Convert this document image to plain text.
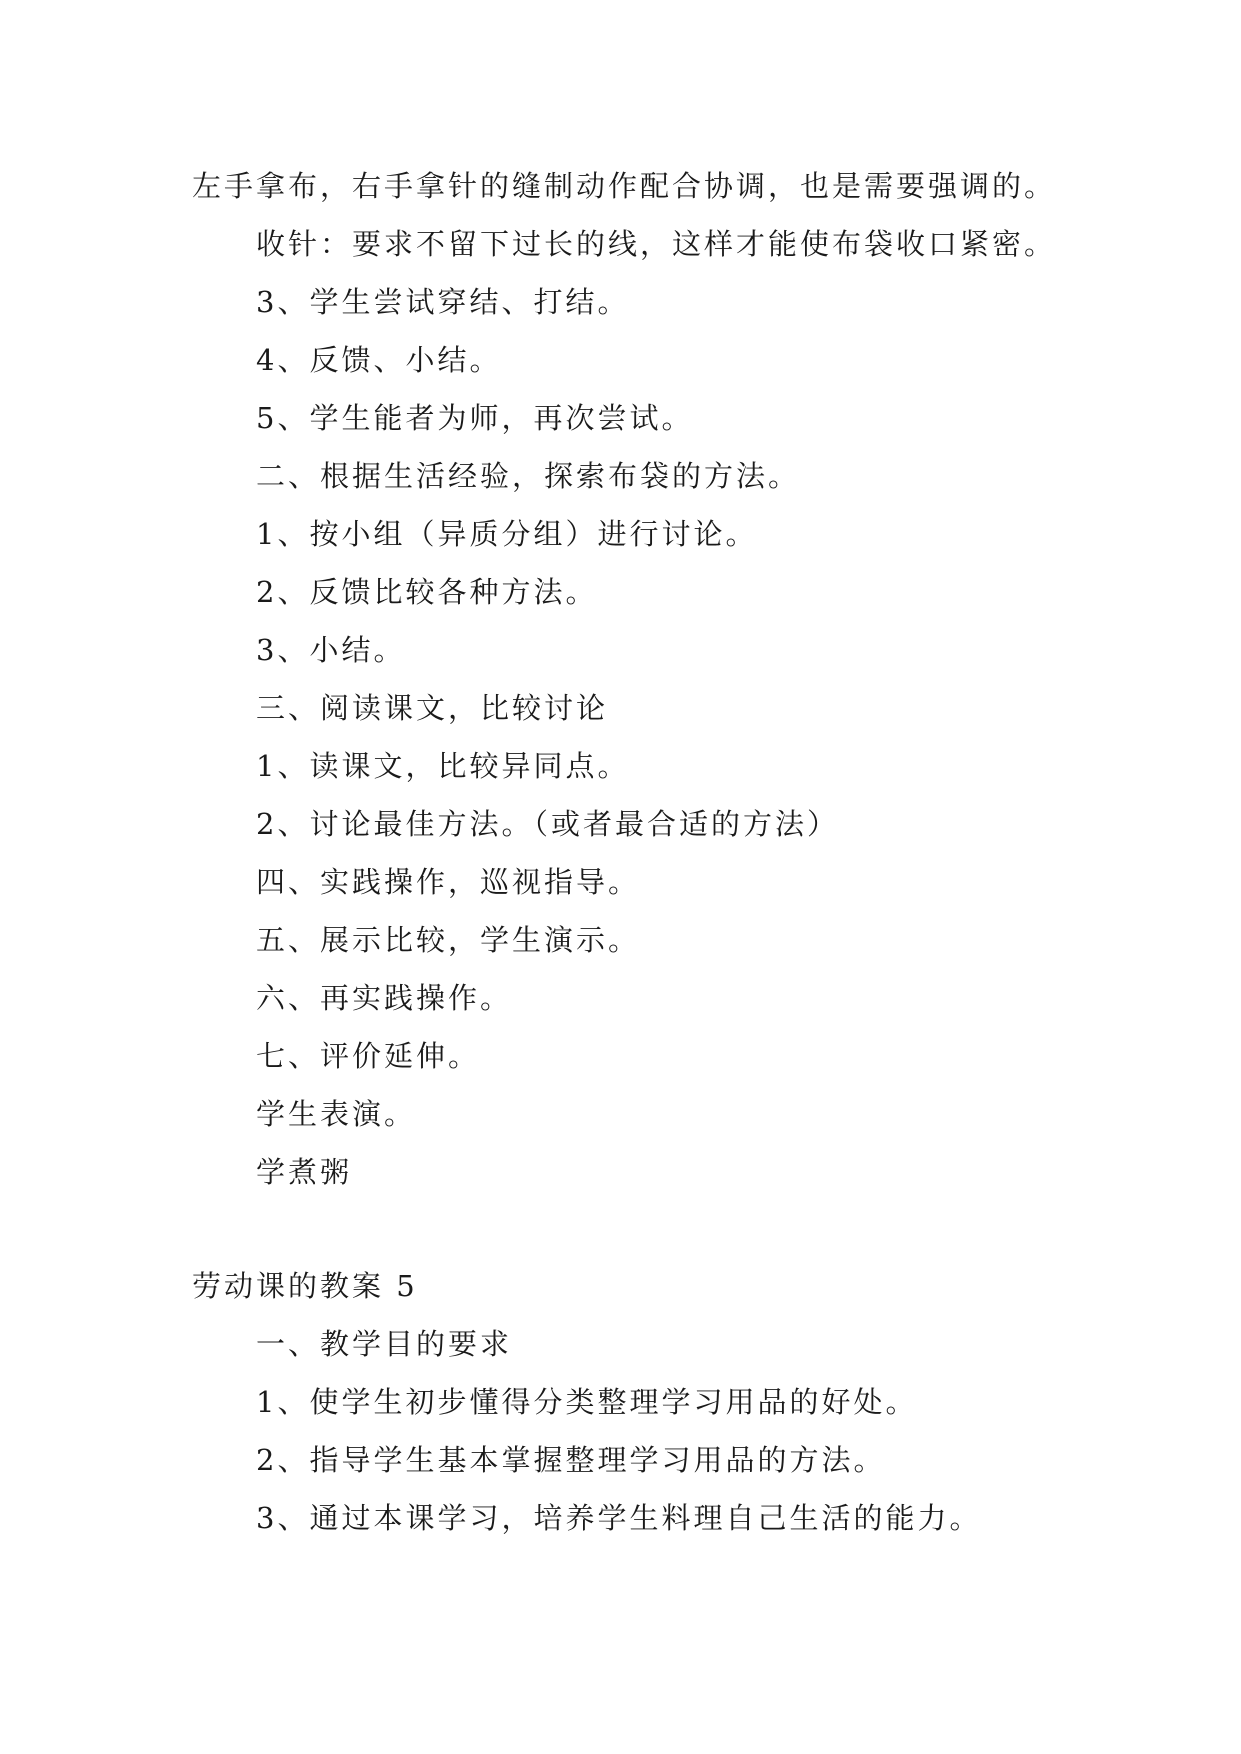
左手拿布，右手拿针的缝制动作配合协调，也是需要强调的。
收针：要求不留下过长的线，这样才能使布袋收口紧密。
3、学生尝试穿结、打结。
4、反馈、小结。
5、学生能者为师，再次尝试。
二、根据生活经验，探索布袋的方法。
1、按小组（异质分组）进行讨论。
2、反馈比较各种方法。
3、小结。
三、阅读课文，比较讨论
1、读课文，比较异同点。
2、讨论最佳方法。（或者最合适的方法）
四、实践操作，巡视指导。
五、展示比较，学生演示。
六、再实践操作。
七、评价延伸。
学生表演。
学煮粥
劳动课的教案 5
一、教学目的要求
1、使学生初步懂得分类整理学习用品的好处。
2、指导学生基本掌握整理学习用品的方法。
3、通过本课学习，培养学生料理自己生活的能力。
